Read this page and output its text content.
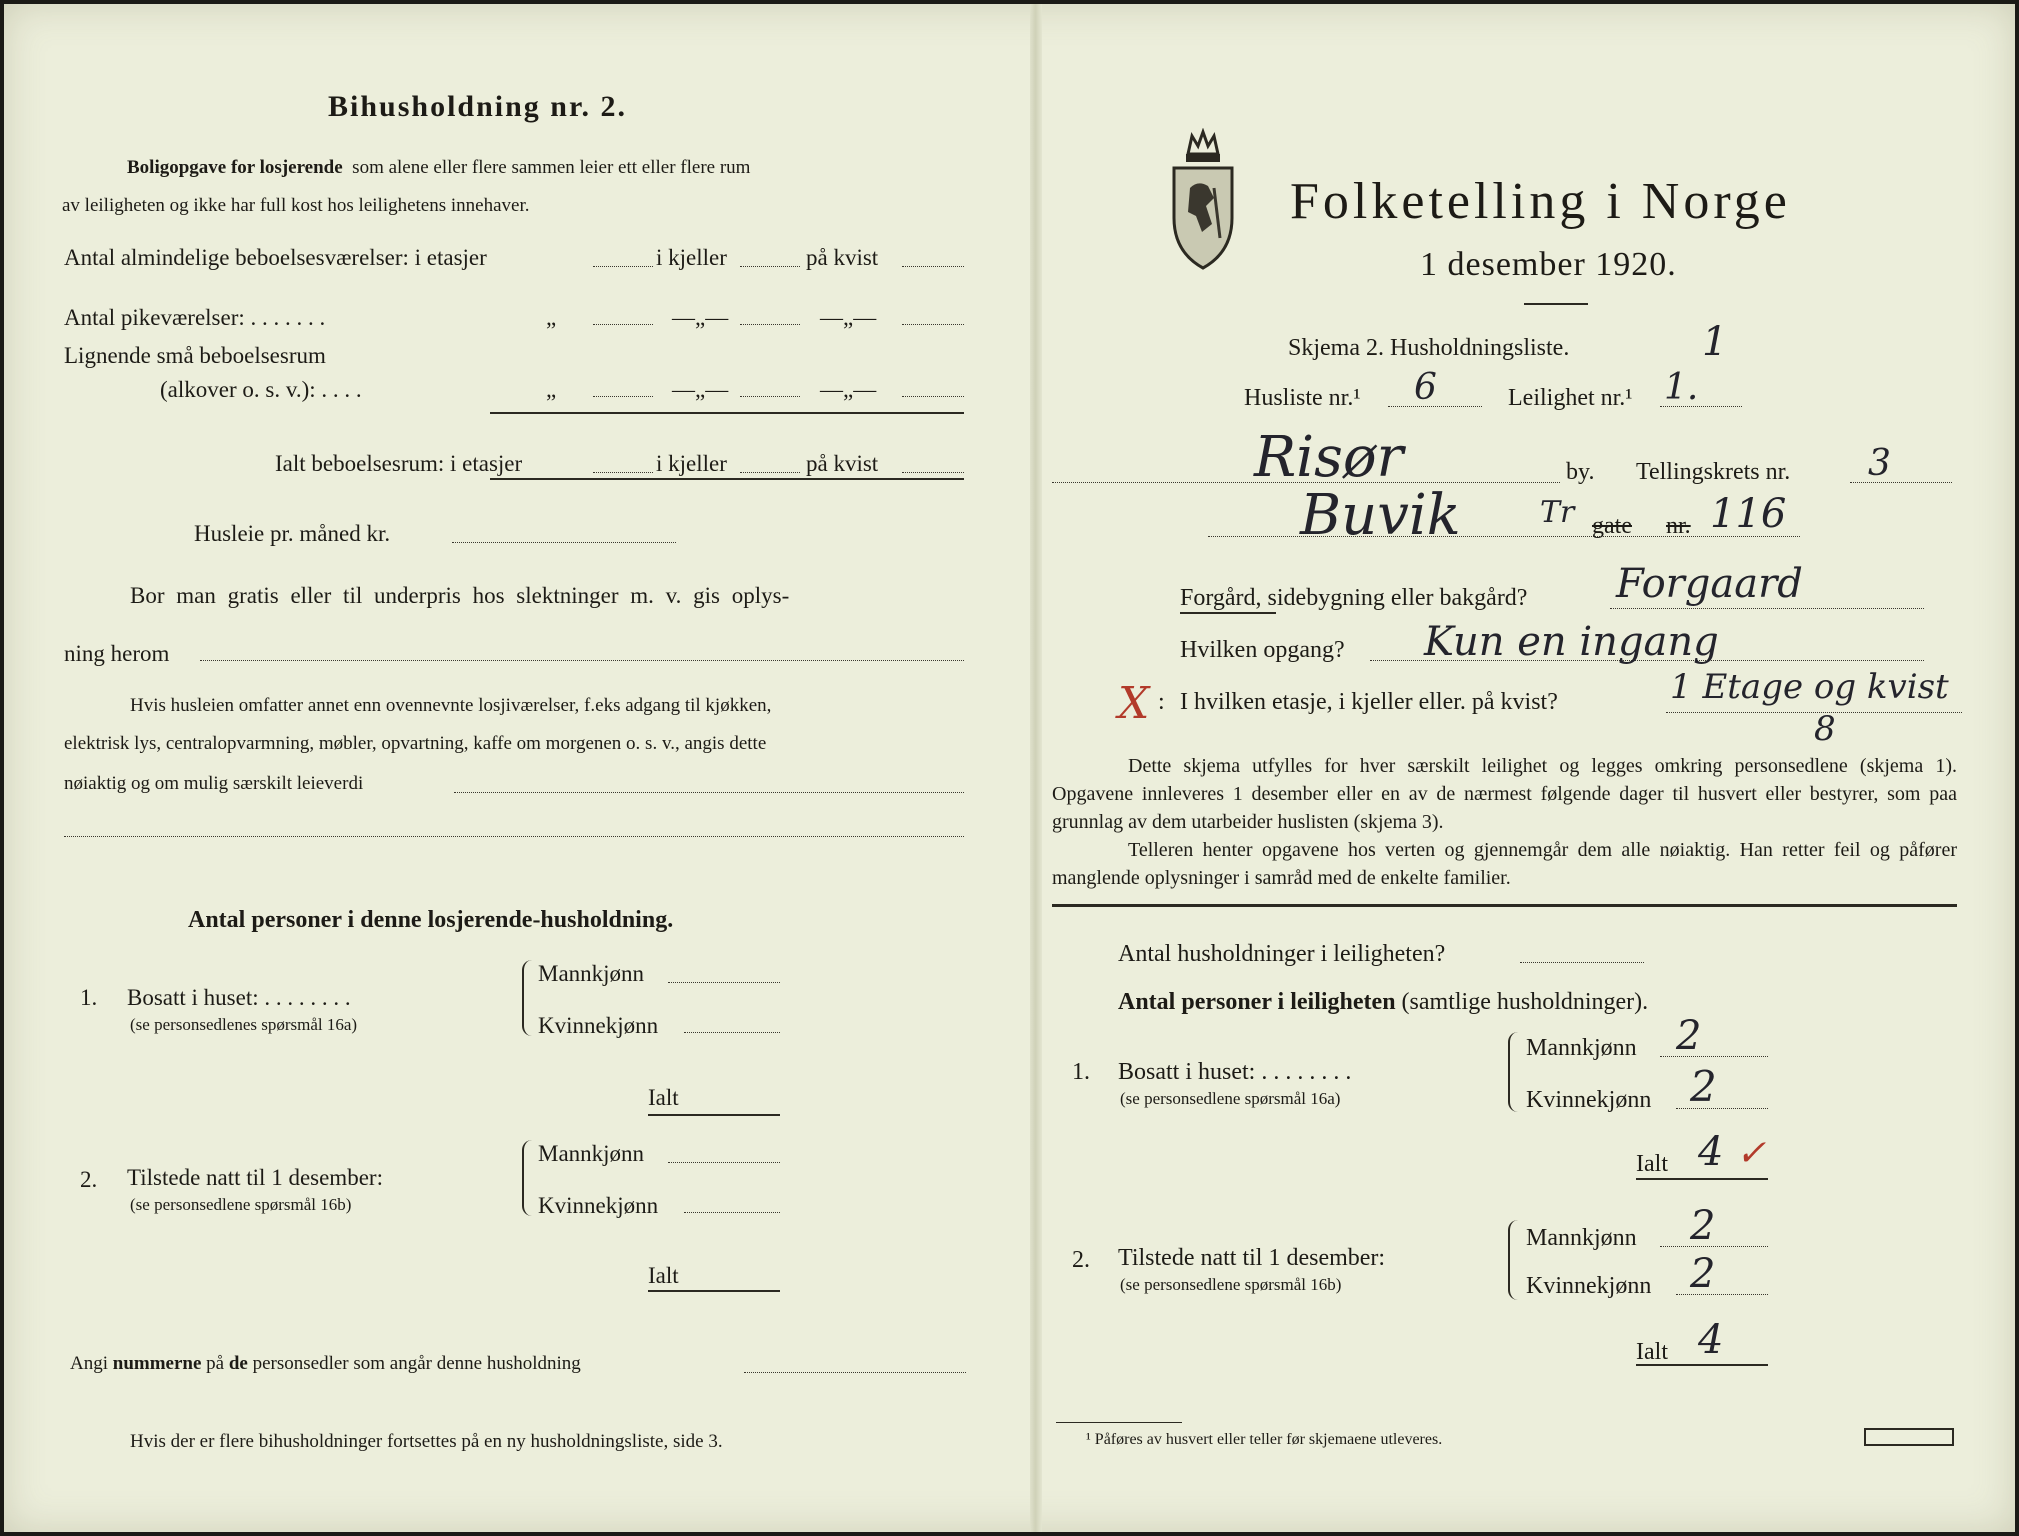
Bihusholdning nr. 2.
Boligopgave for losjerende som alene eller flere sammen leier ett eller flere rum
av leiligheten og ikke har full kost hos leilighetens innehaver.
Antal almindelige beboelsesværelser: i etasjer	i kjeller	på kvist
Antal pikeværelser: . . . . . . .	„	—„—	—„—
Lignende små beboelsesrum
(alkover o. s. v.): . . . .	„	—„—	—„—
Ialt beboelsesrum: i etasjer	i kjeller	på kvist
Husleie pr. måned kr.
Bor man gratis eller til underpris hos slektninger m. v. gis oplys-
ning herom
Hvis husleien omfatter annet enn ovennevnte losjiværelser, f.eks adgang til kjøkken,
elektrisk lys, centralopvarmning, møbler, opvartning, kaffe om morgenen o. s. v., angis dette
nøiaktig og om mulig særskilt leieverdi
Antal personer i denne losjerende-husholdning.
1. Bosatt i huset: . . . . . . . .
(se personsedlenes spørsmål 16a)
Mannkjønn
Kvinnekjønn
Ialt
2. Tilstede natt til 1 desember:
(se personsedlene spørsmål 16b)
Mannkjønn
Kvinnekjønn
Ialt
Angi nummerne på de personsedler som angår denne husholdning
Hvis der er flere bihusholdninger fortsettes på en ny husholdningsliste, side 3.
Folketelling i Norge
1 desember 1920.
Skjema 2. Husholdningsliste.	1
Husliste nr.¹ 6	Leilighet nr.¹ 1.
Risør	by. Tellingskrets nr. 3
Buvik	Tr gate nr. 116
Forgård, sidebygning eller bakgård? Forgaard
Hvilken opgang? Kun en ingang
X : I hvilken etasje, i kjeller eller. på kvist?	1 Etage og kvist
8
Dette skjema utfylles for hver særskilt leilighet og legges omkring personsedlene (skjema 1). Opgavene innleveres 1 desember eller en av de nærmest følgende dager til husvert eller bestyrer, som paa grunnlag av dem utarbeider huslisten (skjema 3).
Telleren henter opgavene hos verten og gjennemgår dem alle nøiaktig. Han retter feil og påfører manglende oplysninger i samråd med de enkelte familier.
Antal husholdninger i leiligheten?
Antal personer i leiligheten (samtlige husholdninger).
1. Bosatt i huset: . . . . . . . .
(se personsedlene spørsmål 16a)
Mannkjønn 2
Kvinnekjønn 2
Ialt 4 ✓
2. Tilstede natt til 1 desember:
(se personsedlene spørsmål 16b)
Mannkjønn 2
Kvinnekjønn 2
Ialt 4
¹ Påføres av husvert eller teller før skjemaene utleveres.
